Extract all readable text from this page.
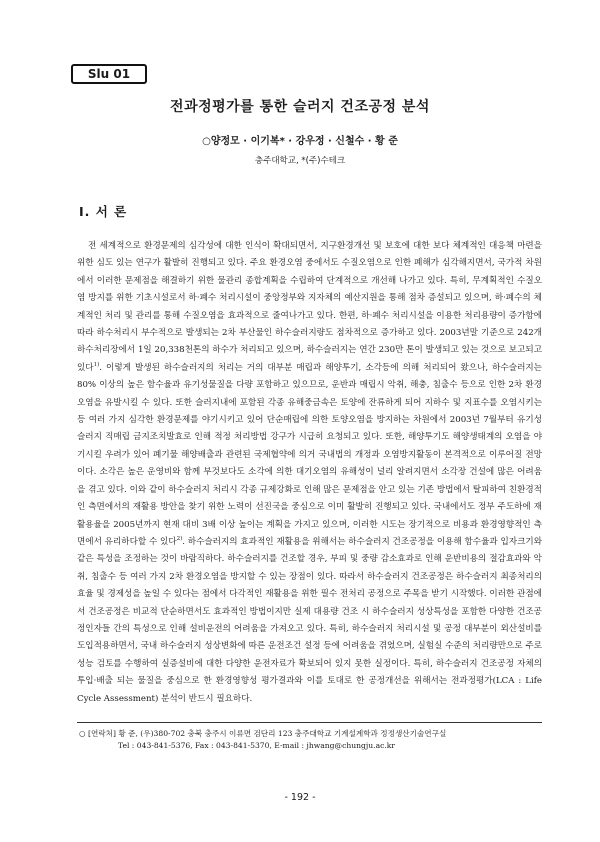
Slu 01
전과정평가를 통한 슬러지 건조공정 분석
○양정모 · 이기복* · 강우정 · 신철수 · 황 준
충주대학교, *(주)수테크
Ⅰ. 서 론

전 세계적으로 환경문제의 심각성에 대한 인식이 확대되면서, 지구환경개선 및 보호에 대한 보다 체계적인 대응책 마련을 위한 심도 있는 연구가 활발히 진행되고 있다. 주요 환경오염 중에서도 수질오염으로 인한 폐해가 심각해지면서, 국가적 차원에서 이러한 문제점을 해결하기 위한 물관리 종합계획을 수립하여 단계적으로 개선해 나가고 있다. 특히, 무계획적인 수질오염 방지를 위한 기초시설로서 하·폐수 처리시설이 중앙정부와 지자체의 예산지원을 통해 점차 증설되고 있으며, 하·폐수의 체계적인 처리 및 관리를 통해 수질오염을 효과적으로 줄여나가고 있다. 한편, 하·폐수 처리시설을 이용한 처리용량이 증가함에 따라 하수처리시 부수적으로 발생되는 2차 부산물인 하수슬러지량도 점차적으로 증가하고 있다. 2003년말 기준으로 242개 하수처리장에서 1일 20,338천톤의 하수가 처리되고 있으며, 하수슬러지는 연간 230만 톤이 발생되고 있는 것으로 보고되고 있다$^{1)}$. 이렇게 발생된 하수슬러지의 처리는 거의 대부분 매립과 해양투기, 소각등에 의해 처리되어 왔으나, 하수슬러지는 80% 이상의 높은 함수율과 유기성물질을 다량 포함하고 있으므로, 운반과 매립시 악취, 해충, 침출수 등으로 인한 2차 환경오염을 유발시킬 수 있다. 또한 슬러지내에 포함된 각종 유해중금속은 토양에 잔류하게 되어 지하수 및 지표수를 오염시키는 등 여러 가지 심각한 환경문제를 야기시키고 있어 단순매립에 의한 토양오염을 방지하는 차원에서 2003년 7월부터 유기성 슬러지 직매립 금지조치발효로 인해 적정 처리방법 강구가 시급히 요청되고 있다. 또한, 해양투기도 해양생태계의 오염을 야기시킬 우려가 있어 폐기물 해양배출과 관련된 국제협약에 의거 국내법의 개정과 오염방지활동이 본격적으로 이루어질 전망이다. 소각은 높은 운영비와 함께 부것보다도 소각에 의한 대기오염의 유해성이 널리 알려지면서 소각장 건설에 많은 어려움을 겪고 있다. 이와 같이 하수슬러지 처리시 각종 규제강화로 인해 많은 문제점을 안고 있는 기존 방법에서 탈피하여 친환경적인 측면에서의 재활용 방안을 찾기 위한 노력이 선진국을 중심으로 이미 활발히 진행되고 있다. 국내에서도 정부 주도하에 재활용율을 2005년까지 현재 대비 3배 이상 높이는 계획을 가지고 있으며, 이러한 시도는 장기적으로 비용과 환경영향적인 측면에서 유리하다할 수 있다$^{2)}$. 하수슬러지의 효과적인 재활용을 위해서는 하수슬러지 건조공정을 이용해 함수율과 입자크기와 같은 특성을 조정하는 것이 바람직하다. 하수슬러지를 건조할 경우, 부피 및 중량 감소효과로 인해 운반비용의 절감효과와 악취, 침출수 등 여러 가지 2차 환경오염을 방지할 수 있는 장점이 있다. 따라서 하수슬러지 건조공정은 하수슬러지 최종처리의 효율 및 경제성을 높일 수 있다는 점에서 다각적인 재활용을 위한 필수 전처리 공정으로 주목을 받기 시작했다. 이러한 관점에서 건조공정은 비교적 단순하면서도 효과적인 방법이지만 실제 대용량 건조 시 하수슬러지 성상특성을 포함한 다양한 건조공정인자들 간의 특성으로 인해 설비운전의 어려움을 가져오고 있다. 특히, 하수슬러지 처리시설 및 공정 대부분이 외산설비를 도입적용하면서, 국내 하수슬러지 성상변화에 따른 운전조건 설정 등에 어려움을 겪었으며, 실험실 수준의 처리량만으로 주로 성능 검토를 수행하여 실증설비에 대한 다양한 운전자료가 확보되어 있지 못한 실정이다. 특히, 하수슬러지 건조공정 자체의 투입·배출 되는 물질을 중심으로 한 환경영향성 평가결과와 이를 토대로 한 공정개선을 위해서는 전과정평가(LCA : Life Cycle Assessment) 분석이 반드시 필요하다.

○ [연락처] 황 준, (우)380-702 충북 충주시 이류면 검단리 123 충주대학교 기계설계학과 정정생산기술연구실
Tel : 043-841-5376, Fax : 043-841-5370, E-mail : jhwang@chungju.ac.kr
- 192 -
